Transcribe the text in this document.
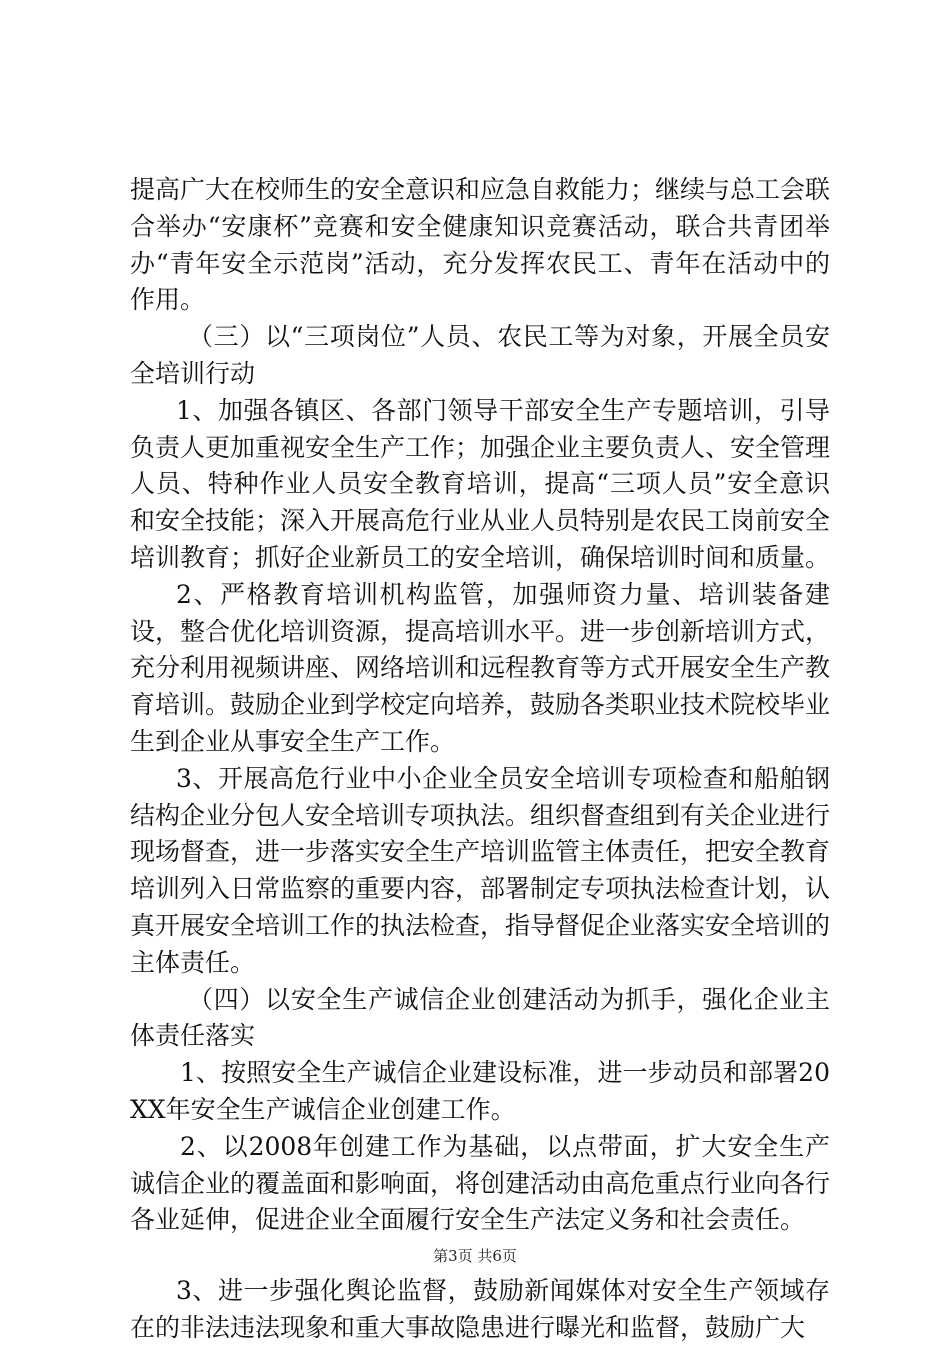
提高广大在校师生的安全意识和应急自救能力；继续与总工会联合举办“安康杯”竞赛和安全健康知识竞赛活动，联合共青团举办“青年安全示范岗”活动，充分发挥农民工、青年在活动中的作用。

（三）以“三项岗位”人员、农民工等为对象，开展全员安全培训行动

1、加强各镇区、各部门领导干部安全生产专题培训，引导负责人更加重视安全生产工作；加强企业主要负责人、安全管理人员、特种作业人员安全教育培训，提高“三项人员”安全意识和安全技能；深入开展高危行业从业人员特别是农民工岗前安全培训教育；抓好企业新员工的安全培训，确保培训时间和质量。

2、严格教育培训机构监管，加强师资力量、培训装备建设，整合优化培训资源，提高培训水平。进一步创新培训方式，充分利用视频讲座、网络培训和远程教育等方式开展安全生产教育培训。鼓励企业到学校定向培养，鼓励各类职业技术院校毕业生到企业从事安全生产工作。

3、开展高危行业中小企业全员安全培训专项检查和船舶钢结构企业分包人安全培训专项执法。组织督查组到有关企业进行现场督查，进一步落实安全生产培训监管主体责任，把安全教育培训列入日常监察的重要内容，部署制定专项执法检查计划，认真开展安全培训工作的执法检查，指导督促企业落实安全培训的主体责任。

（四）以安全生产诚信企业创建活动为抓手，强化企业主体责任落实

1、按照安全生产诚信企业建设标准，进一步动员和部署20XX年安全生产诚信企业创建工作。

2、以2008年创建工作为基础，以点带面，扩大安全生产诚信企业的覆盖面和影响面，将创建活动由高危重点行业向各行各业延伸，促进企业全面履行安全生产法定义务和社会责任。

3、进一步强化舆论监督，鼓励新闻媒体对安全生产领域存在的非法违法现象和重大事故隐患进行曝光和监督，鼓励广大

第3页 共6页
